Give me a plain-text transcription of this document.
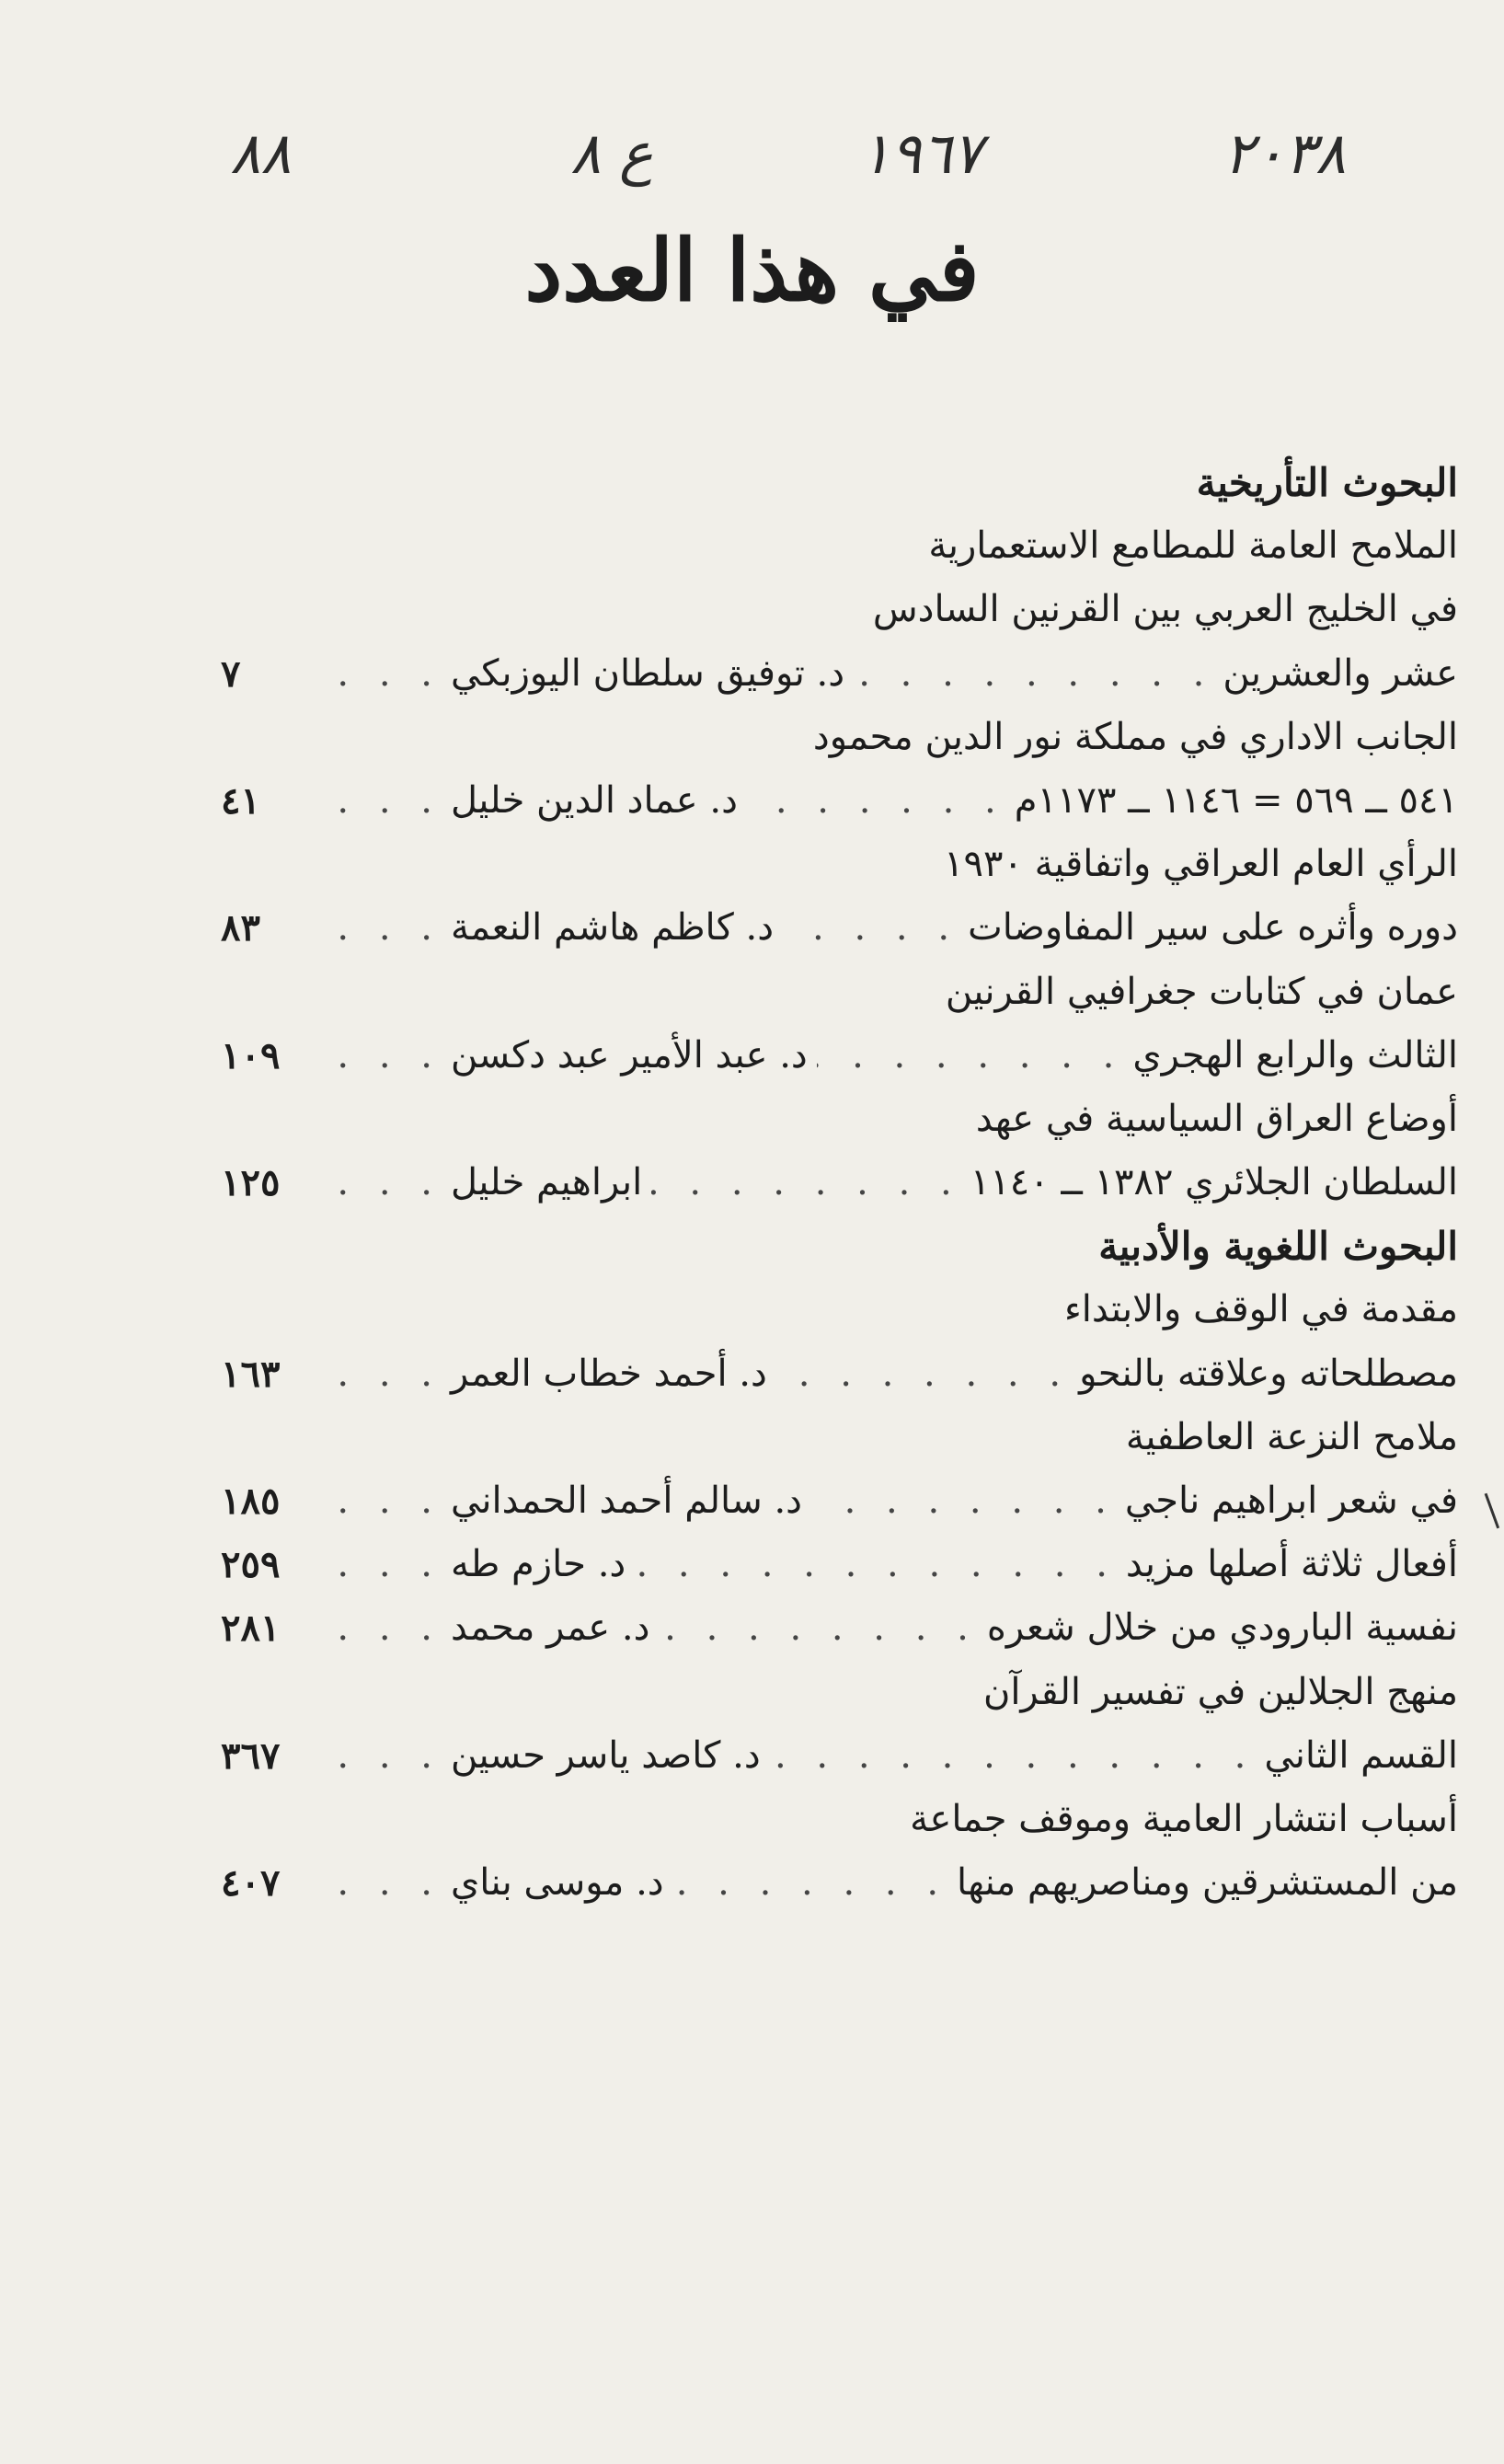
٢٠٣٨
١٩٦٧
ع ٨
٨٨
في هذا العدد
البحوث التأريخية
الملامح العامة للمطامع الاستعمارية
في الخليج العربي بين القرنين السادس
عشر والعشرين
. . .
د. توفيق سلطان اليوزبكي
. . .
٧
الجانب الاداري في مملكة نور الدين محمود
٥٤١ ــ ٥٦٩ = ١١٤٦ ــ ١١٧٣م
. . .
د. عماد الدين خليل
. . .
٤١
الرأي العام العراقي واتفاقية ١٩٣٠
دوره وأثره على سير المفاوضات
. . .
د. كاظم هاشم النعمة
. . .
٨٣
عمان في كتابات جغرافيي القرنين
الثالث والرابع الهجري
. . .
د. عبد الأمير عبد دكسن
. . .
١٠٩
أوضاع العراق السياسية في عهد
السلطان الجلائري ١٣٨٢ ــ ١١٤٠
. . .
ابراهيم خليل
. . .
١٢٥
البحوث اللغوية والأدبية
مقدمة في الوقف والابتداء
مصطلحاته وعلاقته بالنحو
. . .
د. أحمد خطاب العمر
. . .
١٦٣
ملامح النزعة العاطفية
في شعر ابراهيم ناجي
. . .
د. سالم أحمد الحمداني
. . .
١٨٥
أفعال ثلاثة أصلها مزيد
. . .
د. حازم طه
. . .
٢٥٩
نفسية البارودي من خلال شعره
. . .
د. عمر محمد
. . .
٢٨١
منهج الجلالين في تفسير القرآن
القسم الثاني
. . .
د. كاصد ياسر حسين
. . .
٣٦٧
أسباب انتشار العامية وموقف جماعة
من المستشرقين ومناصريهم منها
. . .
د. موسى بناي
. . .
٤٠٧
